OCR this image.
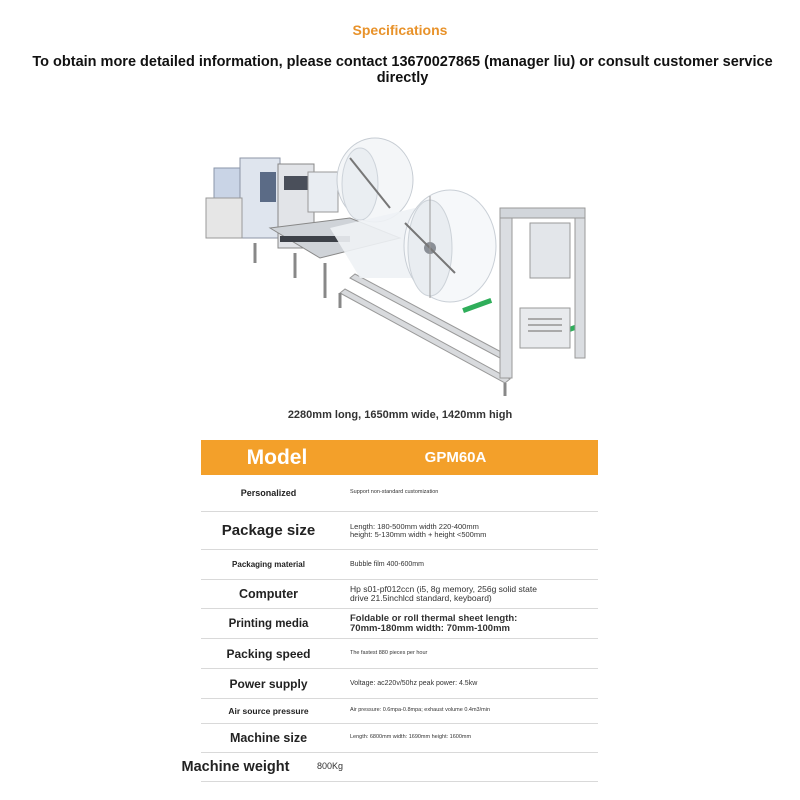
Specifications
To obtain more detailed information, please contact 13670027865 (manager liu) or consult customer service directly
2280mm long, 1650mm wide, 1420mm high
Model	GPM60A
Personalized	Support non-standard customization
Package size	Length: 180-500mm width 220-400mm height: 5-130mm width + height <500mm
Packaging material	Bubble film 400-600mm
Computer	Hp s01-pf012ccn (i5, 8g memory, 256g solid state drive 21.5inchlcd standard, keyboard)
Printing media	Foldable or roll thermal sheet length: 70mm-180mm width: 70mm-100mm
Packing speed	The fastest 880 pieces per hour
Power supply	Voltage: ac220v/50hz peak power: 4.5kw
Air source pressure	Air pressure: 0.6mpa-0.8mpa; exhaust volume 0.4m3/min
Machine size	Length: 6800mm width: 1690mm height: 1600mm
Machine weight	800Kg
